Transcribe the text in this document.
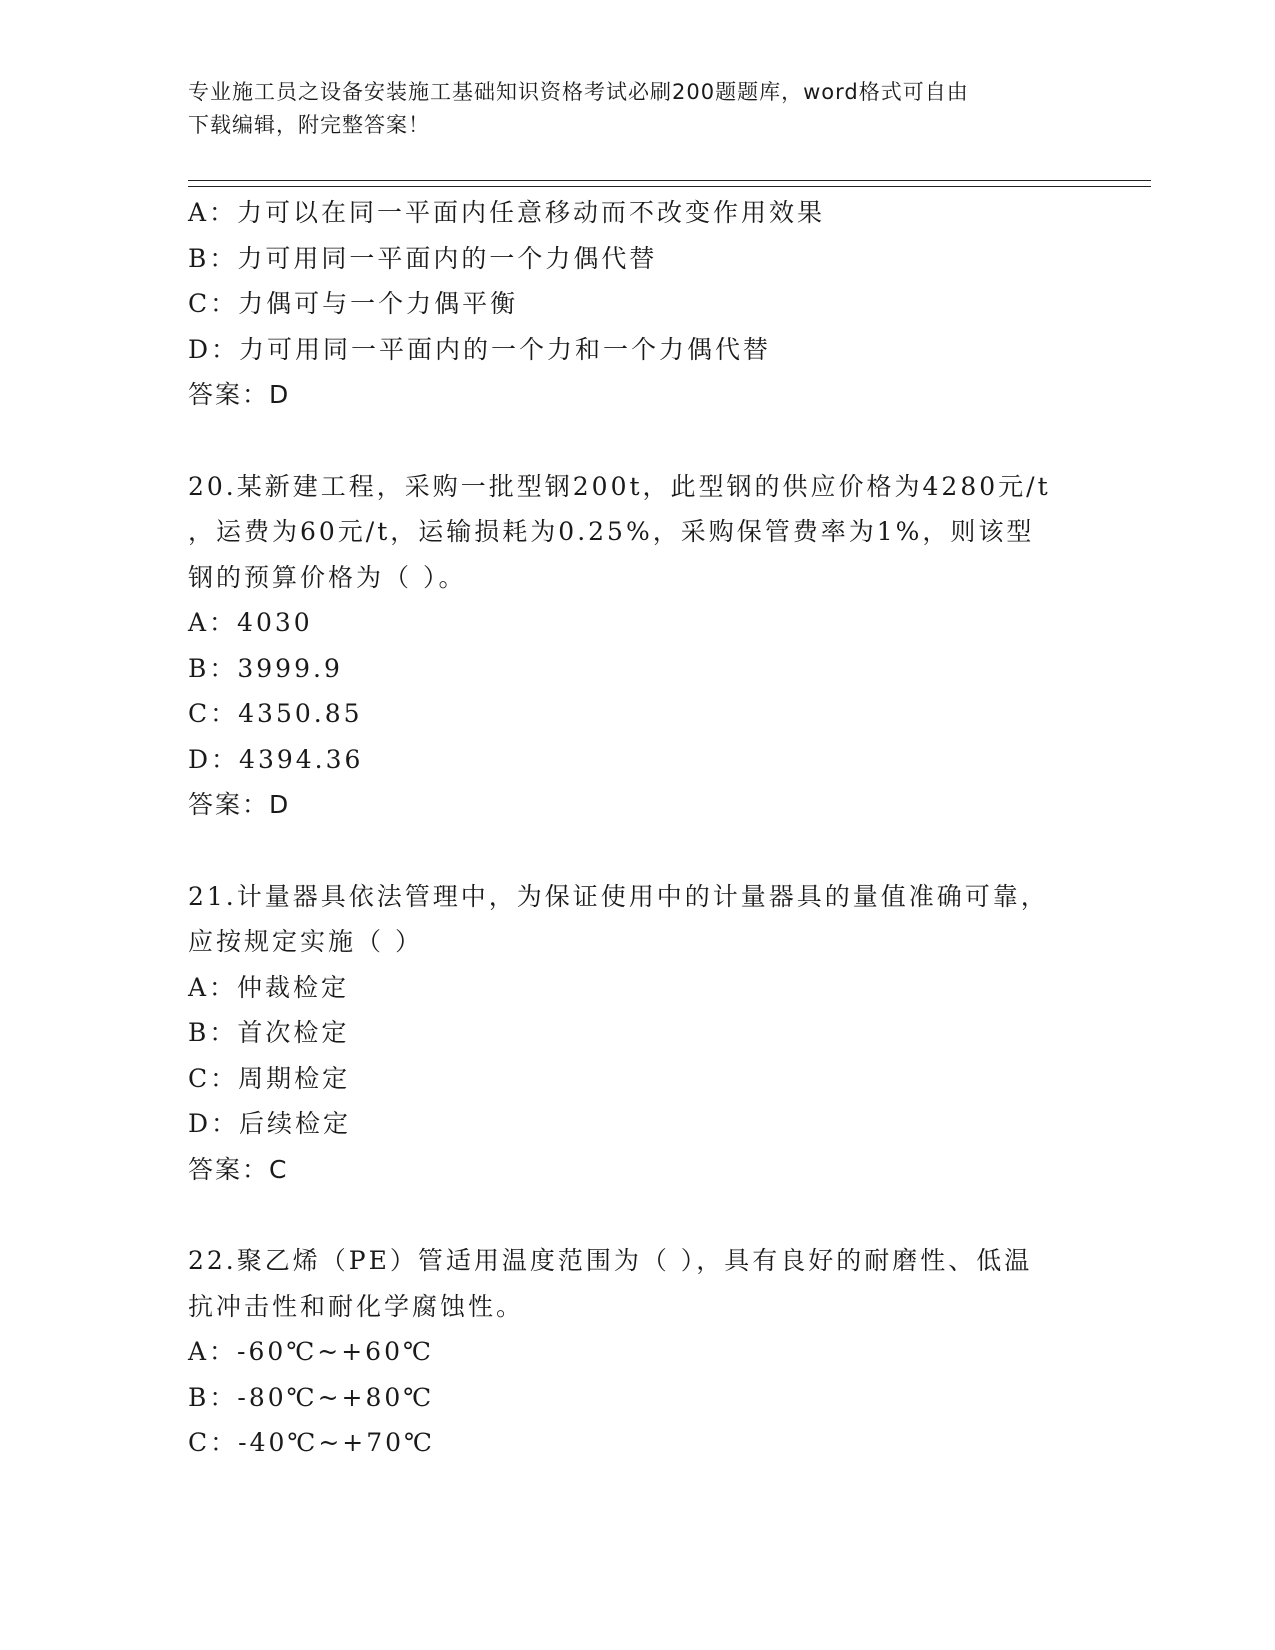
专业施工员之设备安装施工基础知识资格考试必刷200题题库，word格式可自由
下载编辑，附完整答案！
A：力可以在同一平面内任意移动而不改变作用效果
B：力可用同一平面内的一个力偶代替
C：力偶可与一个力偶平衡
D：力可用同一平面内的一个力和一个力偶代替
答案：D
20.某新建工程，采购一批型钢200t，此型钢的供应价格为4280元/t
，运费为60元/t，运输损耗为0.25%，采购保管费率为1%，则该型
钢的预算价格为（ ）。
A：4030
B：3999.9
C：4350.85
D：4394.36
答案：D
21.计量器具依法管理中，为保证使用中的计量器具的量值准确可靠，
应按规定实施（ ）
A：仲裁检定
B：首次检定
C：周期检定
D：后续检定
答案：C
22.聚乙烯（PE）管适用温度范围为（ ），具有良好的耐磨性、低温
抗冲击性和耐化学腐蚀性。
A：-60℃~+60℃
B：-80℃~+80℃
C：-40℃~+70℃
